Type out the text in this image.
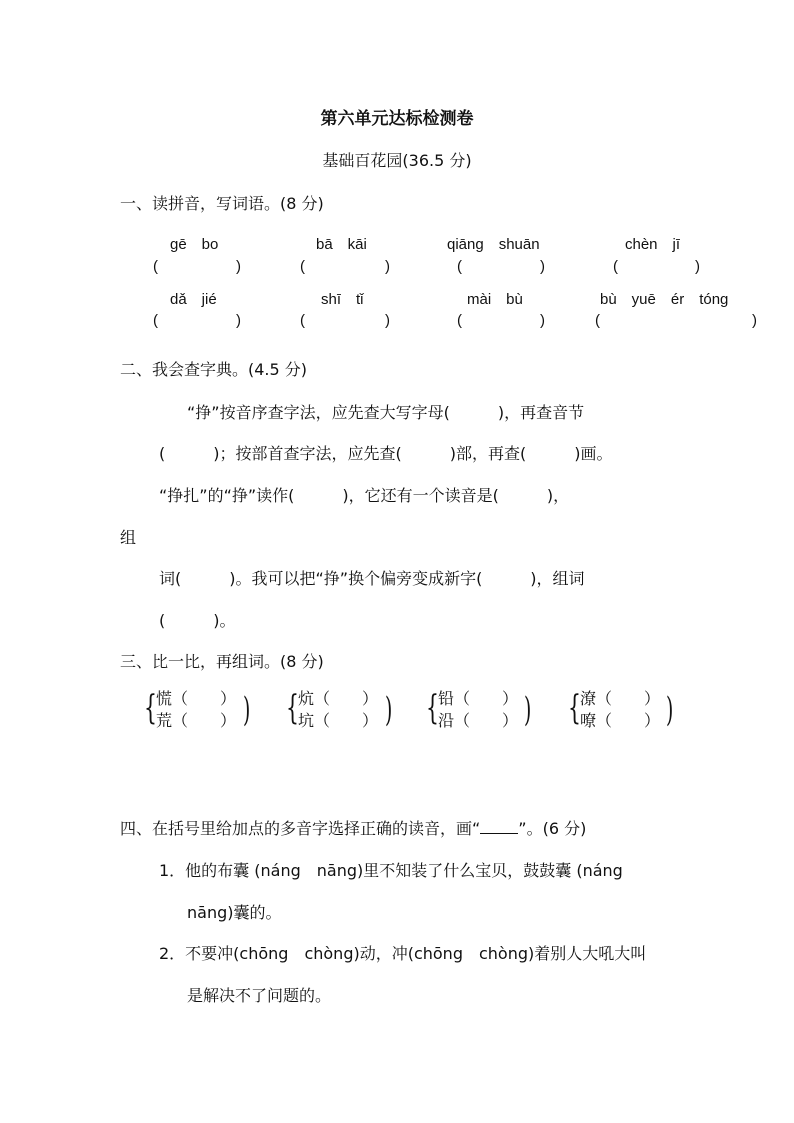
第六单元达标检测卷
基础百花园(36.5 分)
一、读拼音，写词语。(8 分)
gē　bo	bā　kāi	qiāng　shuān	chèn　jī
(	)	(	)	(	)	(	)
dǎ　jié	shī　tǐ	mài　bù	bù　yuē　ér　tóng
(	)	(	)	(	)	(	)
二、我会查字典。(4.5 分)
“挣”按音序查字法，应先查大写字母(　　　)，再查音节
(　　　)；按部首查字法，应先查(　　　)部，再查(　　　)画。
“挣扎”的“挣”读作(　　　)，它还有一个读音是(　　　)，
组
词(　　　)。我可以把“挣”换个偏旁变成新字(　　　)，组词
(　　　)。
三、比一比，再组词。(8 分)
{ 慌（　　）
荒（　　） ) { 炕（　　）
坑（　　） ) { 铅（　　）
沿（　　） ) { 潦（　　）
嘹（　　） )
四、在括号里给加点的多音字选择正确的读音，画“ ”。(6 分)
1．他的布囊 (náng　nāng)里不知装了什么宝贝，鼓鼓囊 (náng
nāng)囊的。
2．不要冲(chōng　chòng)动，冲(chōng　chòng)着别人大吼大叫
是解决不了问题的。
